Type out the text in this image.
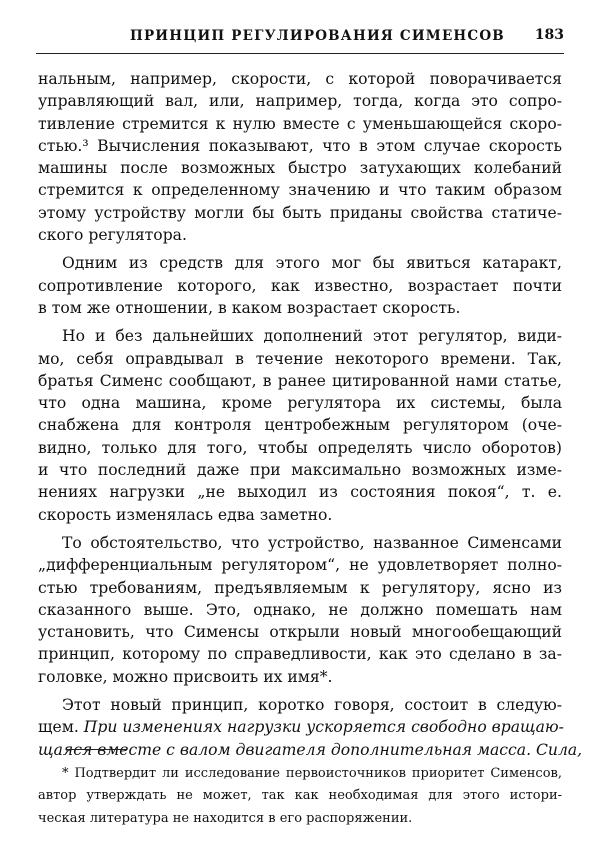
ПРИНЦИП РЕГУЛИРОВАНИЯ СИМЕНСОВ 183
нальным, например, скорости, с которой поворачивается
управляющий вал, или, например, тогда, когда это сопро-
тивление стремится к нулю вместе с уменьшающейся скоро-
стью.³ Вычисления показывают, что в этом случае скорость
машины после возможных быстро затухающих колебаний
стремится к определенному значению и что таким образом
этому устройству могли бы быть приданы свойства статиче-
ского регулятора.
Одним из средств для этого мог бы явиться катаракт,
сопротивление которого, как известно, возрастает почти
в том же отношении, в каком возрастает скорость.
Но и без дальнейших дополнений этот регулятор, види-
мо, себя оправдывал в течение некоторого времени. Так,
братья Сименс сообщают, в ранее цитированной нами статье,
что одна машина, кроме регулятора их системы, была
снабжена для контроля центробежным регулятором (оче-
видно, только для того, чтобы определять число оборотов)
и что последний даже при максимально возможных изме-
нениях нагрузки „не выходил из состояния покоя“, т. е.
скорость изменялась едва заметно.
То обстоятельство, что устройство, названное Сименсами
„дифференциальным регулятором“, не удовлетворяет полно-
стью требованиям, предъявляемым к регулятору, ясно из
сказанного выше. Это, однако, не должно помешать нам
установить, что Сименсы открыли новый многообещающий
принцип, которому по справедливости, как это сделано в за-
головке, можно присвоить их имя*.
Этот новый принцип, коротко говоря, состоит в следую-
щем. При изменениях нагрузки ускоряется свободно вращаю-
щаяся вместе с валом двигателя дополнительная масса. Сила,
* Подтвердит ли исследование первоисточников приоритет Сименсов,
автор утверждать не может, так как необходимая для этого истори-
ческая литература не находится в его распоряжении.
